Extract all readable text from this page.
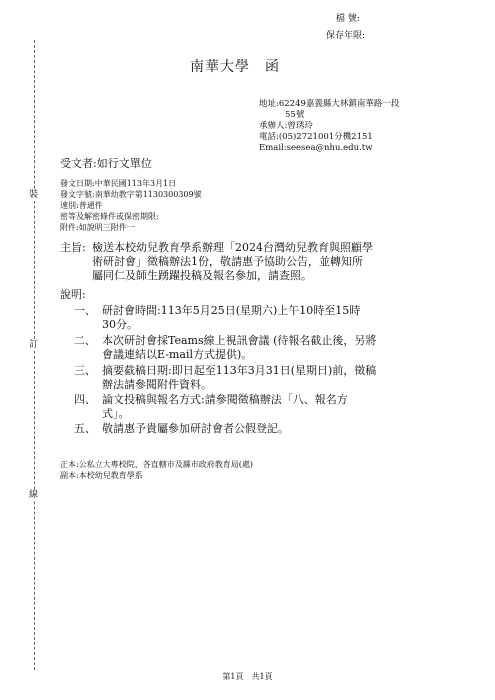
裝
訂
線
檔 號:
保存年限:
南華大學　函
地址:62249嘉義縣大林鎮南華路一段
55號
承辦人:曾琇玲
電話:(05)2721001分機2151
Email:seesea@nhu.edu.tw
受文者:如行文單位
發文日期:中華民國113年3月1日
發文字號:南華幼教字第1130300309號
速別:普通件
密等及解密條件或保密期限:
附件:如說明三附件一
主旨: 檢送本校幼兒教育學系辦理「2024台灣幼兒教育與照顧學
術研討會」徵稿辦法1份，敬請惠予協助公告，並轉知所
屬同仁及師生踴躍投稿及報名參加，請查照。
說明:
一、 研討會時間:113年5月25日(星期六)上午10時至15時
30分。
二、 本次研討會採Teams線上視訊會議 (待報名截止後，另將
會議連結以E-mail方式提供)。
三、 摘要截稿日期:即日起至113年3月31日(星期日)前，徵稿
辦法請參閱附件資料。
四、 論文投稿與報名方式:請參閱徵稿辦法「八、報名方
式」。
五、 敬請惠予貴屬參加研討會者公假登記。
正本:公私立大專校院、各直轄市及縣市政府教育局(處)
副本:本校幼兒教育學系
第1頁　共1頁
